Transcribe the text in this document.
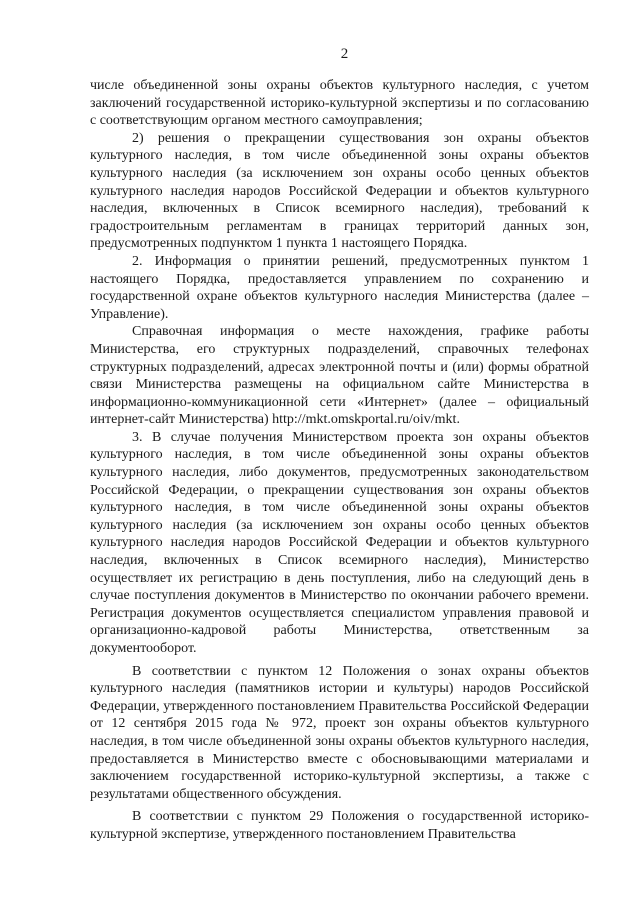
2

числе объединенной зоны охраны объектов культурного наследия, с учетом заключений государственной историко-культурной экспертизы и по согласованию с соответствующим органом местного самоуправления;

2) решения о прекращении существования зон охраны объектов культурного наследия, в том числе объединенной зоны охраны объектов культурного наследия (за исключением зон охраны особо ценных объектов культурного наследия народов Российской Федерации и объектов культурного наследия, включенных в Список всемирного наследия), требований к градостроительным регламентам в границах территорий данных зон, предусмотренных подпунктом 1 пункта 1 настоящего Порядка.

2. Информация о принятии решений, предусмотренных пунктом 1 настоящего Порядка, предоставляется управлением по сохранению и государственной охране объектов культурного наследия Министерства (далее – Управление).

Справочная информация о месте нахождения, графике работы Министерства, его структурных подразделений, справочных телефонах структурных подразделений, адресах электронной почты и (или) формы обратной связи Министерства размещены на официальном сайте Министерства в информационно-коммуникационной сети «Интернет» (далее – официальный интернет-сайт Министерства) http://mkt.omskportal.ru/oiv/mkt.

3. В случае получения Министерством проекта зон охраны объектов культурного наследия, в том числе объединенной зоны охраны объектов культурного наследия, либо документов, предусмотренных законодательством Российской Федерации, о прекращении существования зон охраны объектов культурного наследия, в том числе объединенной зоны охраны объектов культурного наследия (за исключением зон охраны особо ценных объектов культурного наследия народов Российской Федерации и объектов культурного наследия, включенных в Список всемирного наследия), Министерство осуществляет их регистрацию в день поступления, либо на следующий день в случае поступления документов в Министерство по окончании рабочего времени. Регистрация документов осуществляется специалистом управления правовой и организационно-кадровой работы Министерства, ответственным за документооборот.

В соответствии с пунктом 12 Положения о зонах охраны объектов культурного наследия (памятников истории и культуры) народов Российской Федерации, утвержденного постановлением Правительства Российской Федерации от 12 сентября 2015 года № 972, проект зон охраны объектов культурного наследия, в том числе объединенной зоны охраны объектов культурного наследия, предоставляется в Министерство вместе с обосновывающими материалами и заключением государственной историко-культурной экспертизы, а также с результатами общественного обсуждения.

В соответствии с пунктом 29 Положения о государственной историко-культурной экспертизе, утвержденного постановлением Правительства
